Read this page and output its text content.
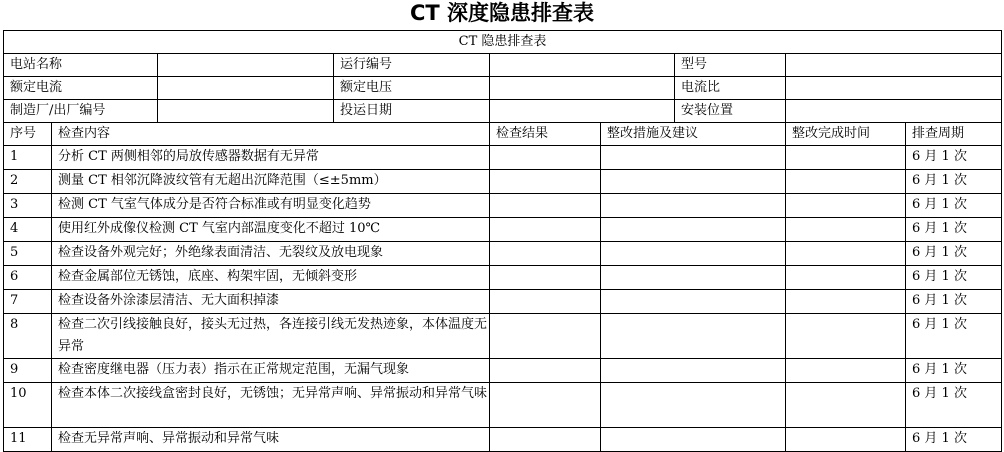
CT 深度隐患排查表
CT 隐患排查表								
电站名称			运行编号			型号		
额定电流			额定电压			电流比		
制造厂/出厂编号			投运日期			安装位置		
序号	检查内容			检查结果	整改措施及建议		整改完成时间	排查周期
1	分析 CT 两侧相邻的局放传感器数据有无异常							6 月 1 次
2	测量 CT 相邻沉降波纹管有无超出沉降范围（≤±5mm）							6 月 1 次
3	检测 CT 气室气体成分是否符合标准或有明显变化趋势							6 月 1 次
4	使用红外成像仪检测 CT 气室内部温度变化不超过 10℃							6 月 1 次
5	检查设备外观完好；外绝缘表面清洁、无裂纹及放电现象							6 月 1 次
6	检查金属部位无锈蚀，底座、构架牢固，无倾斜变形							6 月 1 次
7	检查设备外涂漆层清洁、无大面积掉漆							6 月 1 次
8	检查二次引线接触良好，接头无过热，各连接引线无发热迹象，本体温度无异常							6 月 1 次
9	检查密度继电器（压力表）指示在正常规定范围，无漏气现象							6 月 1 次
10	检查本体二次接线盒密封良好，无锈蚀；无异常声响、异常振动和异常气味							6 月 1 次
11	检查无异常声响、异常振动和异常气味							6 月 1 次
